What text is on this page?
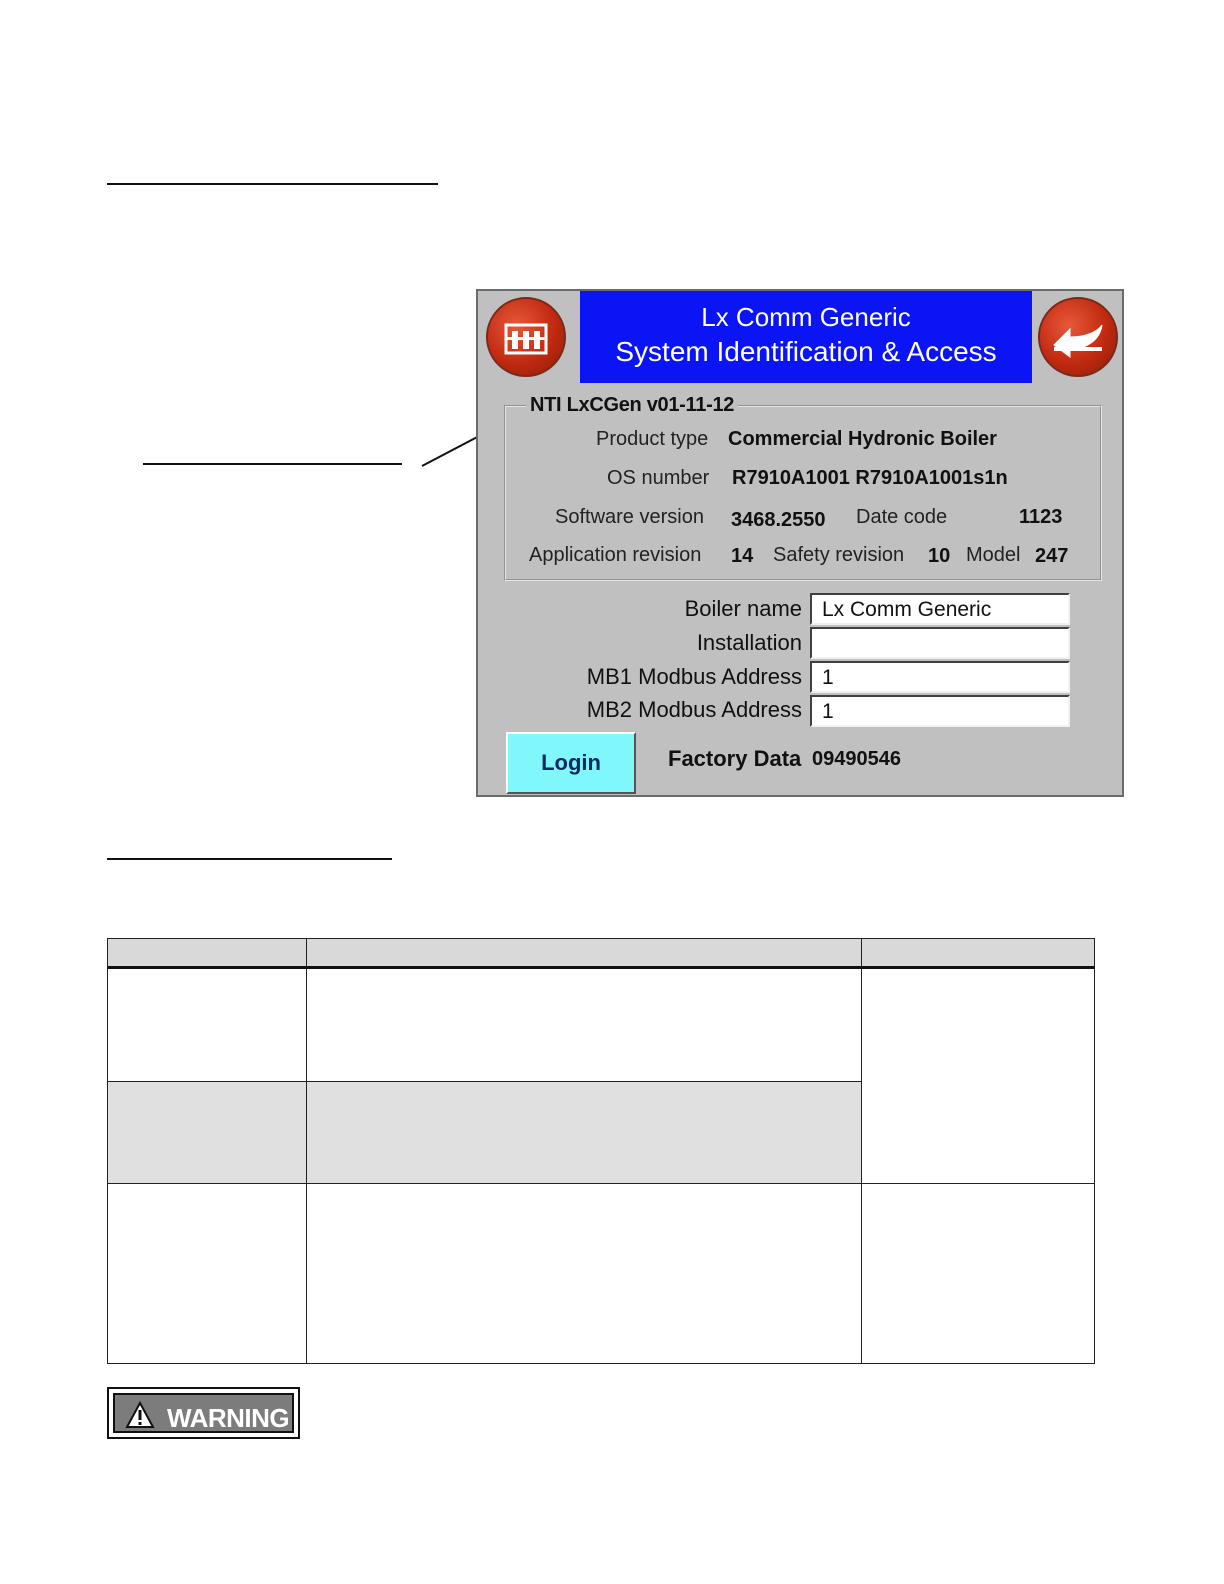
Lx Comm Generic
System Identification & Access
NTI LxCGen v01-11-12
Product type Commercial Hydronic Boiler
OS number R7910A1001 R7910A1001s1n
Software version 3468.2550 Date code	1123
Application revision 14 Safety revision 10 Model 247
Boiler name Lx Comm Generic
Installation
MB1 Modbus Address 1
MB2 Modbus Address 1
Login	Factory Data 09490546
WARNING
